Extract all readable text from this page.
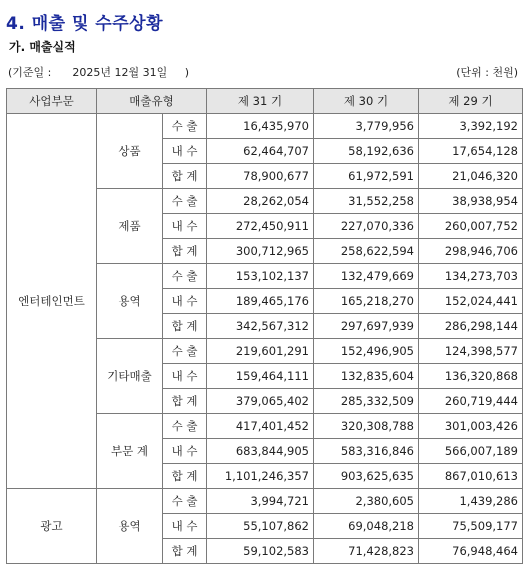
4. 매출 및 수주상황
가. 매출실적
(기준일 : 2025년 12월 31일 )	(단위 : 천원)
사업부문	매출유형		제 31 기	제 30 기	제 29 기
엔터테인먼트	상품	수 출	16,435,970	3,779,956	3,392,192
		내 수	62,464,707	58,192,636	17,654,128
		합 계	78,900,677	61,972,591	21,046,320
	제품	수 출	28,262,054	31,552,258	38,938,954
		내 수	272,450,911	227,070,336	260,007,752
		합 계	300,712,965	258,622,594	298,946,706
	용역	수 출	153,102,137	132,479,669	134,273,703
		내 수	189,465,176	165,218,270	152,024,441
		합 계	342,567,312	297,697,939	286,298,144
	기타매출	수 출	219,601,291	152,496,905	124,398,577
		내 수	159,464,111	132,835,604	136,320,868
		합 계	379,065,402	285,332,509	260,719,444
	부문 계	수 출	417,401,452	320,308,788	301,003,426
		내 수	683,844,905	583,316,846	566,007,189
		합 계	1,101,246,357	903,625,635	867,010,613
광고	용역	수 출	3,994,721	2,380,605	1,439,286
		내 수	55,107,862	69,048,218	75,509,177
		합 계	59,102,583	71,428,823	76,948,464
